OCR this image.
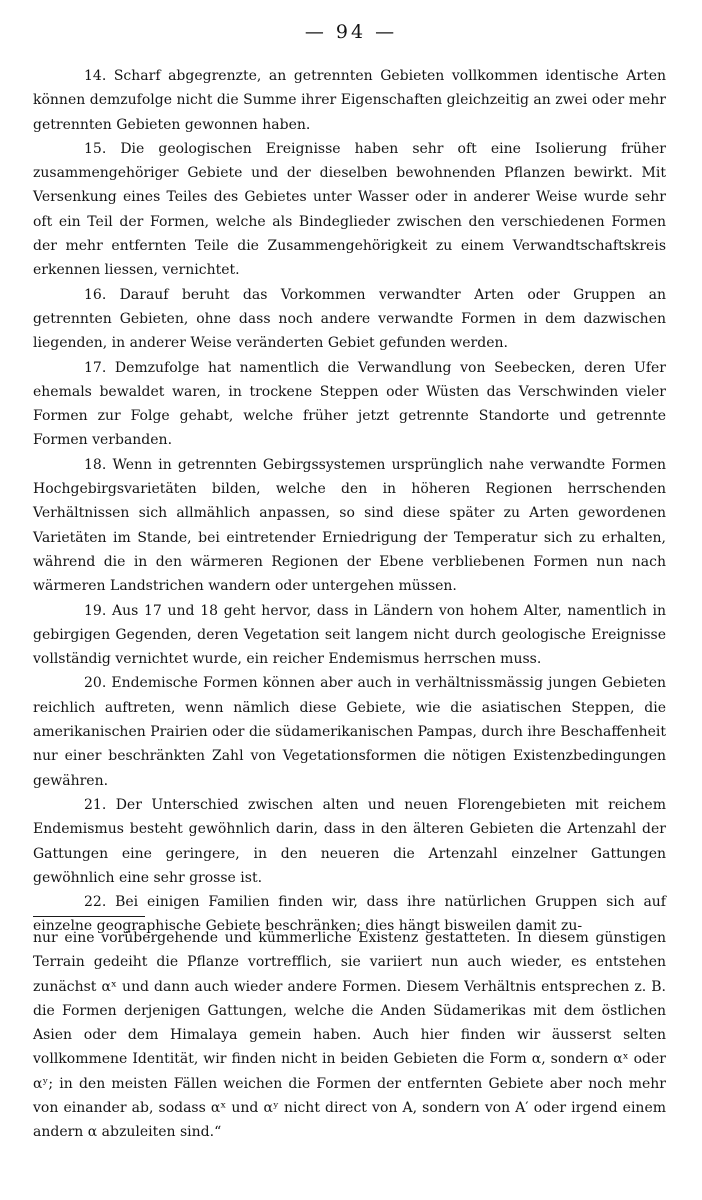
— 94 —

14. Scharf abgegrenzte, an getrennten Gebieten vollkommen identische Arten können demzufolge nicht die Summe ihrer Eigenschaften gleichzeitig an zwei oder mehr getrennten Gebieten gewonnen haben.

15. Die geologischen Ereignisse haben sehr oft eine Isolierung früher zusammengehöriger Gebiete und der dieselben bewohnenden Pflanzen bewirkt. Mit Versenkung eines Teiles des Gebietes unter Wasser oder in anderer Weise wurde sehr oft ein Teil der Formen, welche als Bindeglieder zwischen den verschiedenen Formen der mehr entfernten Teile die Zusammengehörigkeit zu einem Verwandtschaftskreis erkennen liessen, vernichtet.

16. Darauf beruht das Vorkommen verwandter Arten oder Gruppen an getrennten Gebieten, ohne dass noch andere verwandte Formen in dem dazwischen liegenden, in anderer Weise veränderten Gebiet gefunden werden.

17. Demzufolge hat namentlich die Verwandlung von Seebecken, deren Ufer ehemals bewaldet waren, in trockene Steppen oder Wüsten das Verschwinden vieler Formen zur Folge gehabt, welche früher jetzt getrennte Standorte und getrennte Formen verbanden.

18. Wenn in getrennten Gebirgssystemen ursprünglich nahe verwandte Formen Hochgebirgsvarietäten bilden, welche den in höheren Regionen herrschenden Verhältnissen sich allmählich anpassen, so sind diese später zu Arten gewordenen Varietäten im Stande, bei eintretender Erniedrigung der Temperatur sich zu erhalten, während die in den wärmeren Regionen der Ebene verbliebenen Formen nun nach wärmeren Landstrichen wandern oder untergehen müssen.

19. Aus 17 und 18 geht hervor, dass in Ländern von hohem Alter, namentlich in gebirgigen Gegenden, deren Vegetation seit langem nicht durch geologische Ereignisse vollständig vernichtet wurde, ein reicher Endemismus herrschen muss.

20. Endemische Formen können aber auch in verhältnissmässig jungen Gebieten reichlich auftreten, wenn nämlich diese Gebiete, wie die asiatischen Steppen, die amerikanischen Prairien oder die südamerikanischen Pampas, durch ihre Beschaffenheit nur einer beschränkten Zahl von Vegetationsformen die nötigen Existenzbedingungen gewähren.

21. Der Unterschied zwischen alten und neuen Florengebieten mit reichem Endemismus besteht gewöhnlich darin, dass in den älteren Gebieten die Artenzahl der Gattungen eine geringere, in den neueren die Artenzahl einzelner Gattungen gewöhnlich eine sehr grosse ist.

22. Bei einigen Familien finden wir, dass ihre natürlichen Gruppen sich auf einzelne geographische Gebiete beschränken; dies hängt bisweilen damit zu-

nur eine vorübergehende und kümmerliche Existenz gestatteten. In diesem günstigen Terrain gedeiht die Pflanze vortrefflich, sie variiert nun auch wieder, es entstehen zunächst αˣ und dann auch wieder andere Formen. Diesem Verhältnis entsprechen z. B. die Formen derjenigen Gattungen, welche die Anden Südamerikas mit dem östlichen Asien oder dem Himalaya gemein haben. Auch hier finden wir äusserst selten vollkommene Identität, wir finden nicht in beiden Gebieten die Form α, sondern αˣ oder αʸ; in den meisten Fällen weichen die Formen der entfernten Gebiete aber noch mehr von einander ab, sodass αˣ und αʸ nicht direct von A, sondern von A′ oder irgend einem andern α abzuleiten sind.“
